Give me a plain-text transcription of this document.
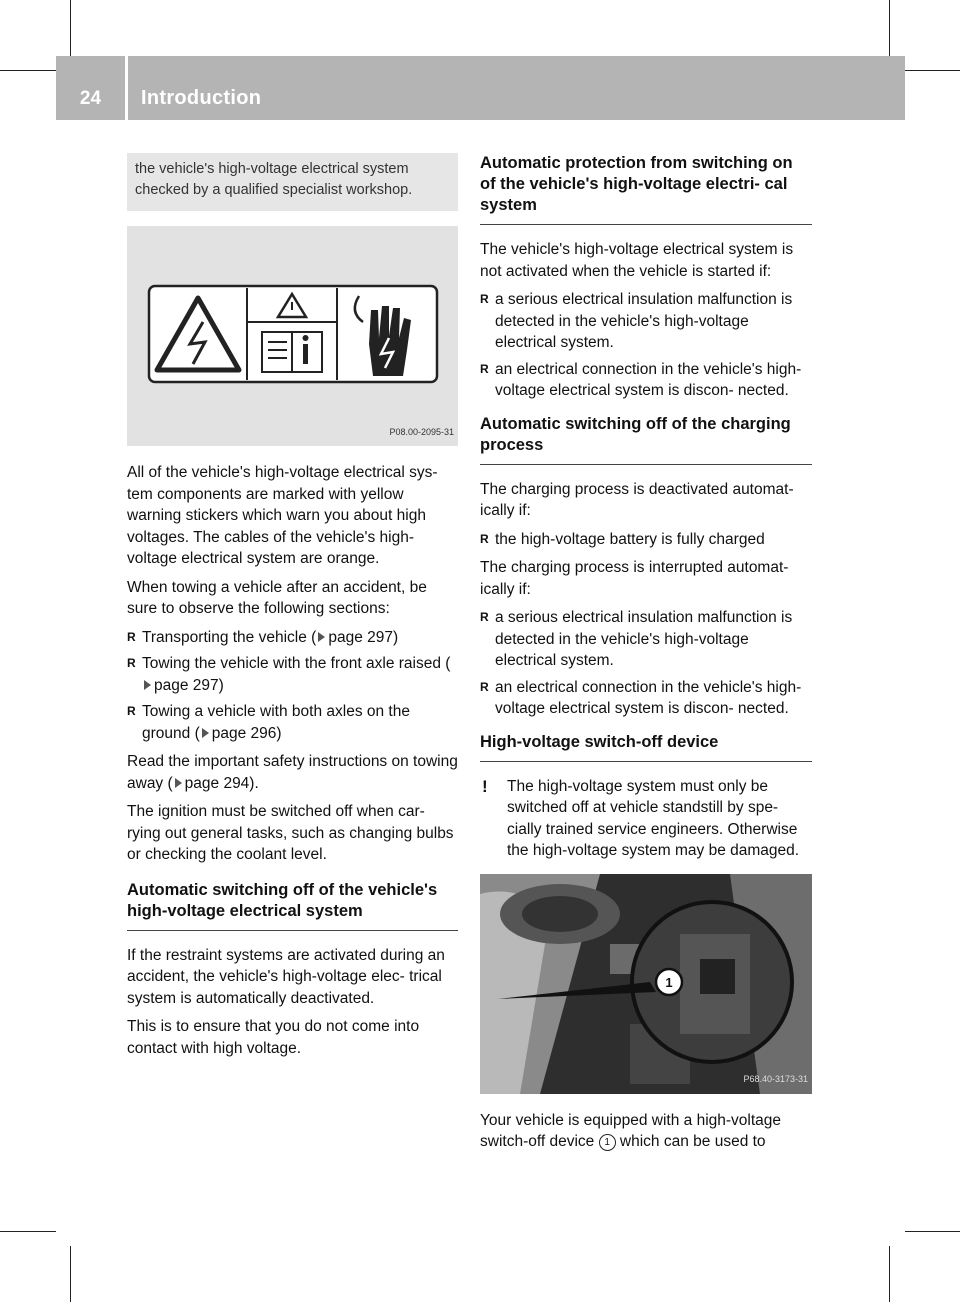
24	Introduction
the vehicle's high-voltage electrical system checked by a qualified specialist workshop.
P08.00-2095-31

All of the vehicle's high-voltage electrical sys- tem components are marked with yellow warning stickers which warn you about high voltages. The cables of the vehicle's high- voltage electrical system are orange.

When towing a vehicle after an accident, be sure to observe the following sections:

R Transporting the vehicle ( page 297)
R Towing the vehicle with the front axle raised (page 297)
R Towing a vehicle with both axles on the ground ( page 296)

Read the important safety instructions on towing away ( page 294).

The ignition must be switched off when car- rying out general tasks, such as changing bulbs or checking the coolant level.

Automatic switching off of the vehicle's high-voltage electrical system

If the restraint systems are activated during an accident, the vehicle's high-voltage elec- trical system is automatically deactivated.

This is to ensure that you do not come into contact with high voltage.

Automatic protection from switching on of the vehicle's high-voltage electri- cal system

The vehicle's high-voltage electrical system is not activated when the vehicle is started if:

R a serious electrical insulation malfunction is detected in the vehicle's high-voltage electrical system.
R an electrical connection in the vehicle's high-voltage electrical system is discon- nected.
Automatic switching off of the charging process

The charging process is deactivated automat- ically if:

R the high-voltage battery is fully charged

The charging process is interrupted automat- ically if:

R a serious electrical insulation malfunction is detected in the vehicle's high-voltage electrical system.
R an electrical connection in the vehicle's high-voltage electrical system is discon- nected.
High-voltage switch-off device
! The high-voltage system must only be switched off at vehicle standstill by spe- cially trained service engineers. Otherwise the high-voltage system may be damaged.
1
P68.40-3173-31

Your vehicle is equipped with a high-voltage switch-off device 1 which can be used to
